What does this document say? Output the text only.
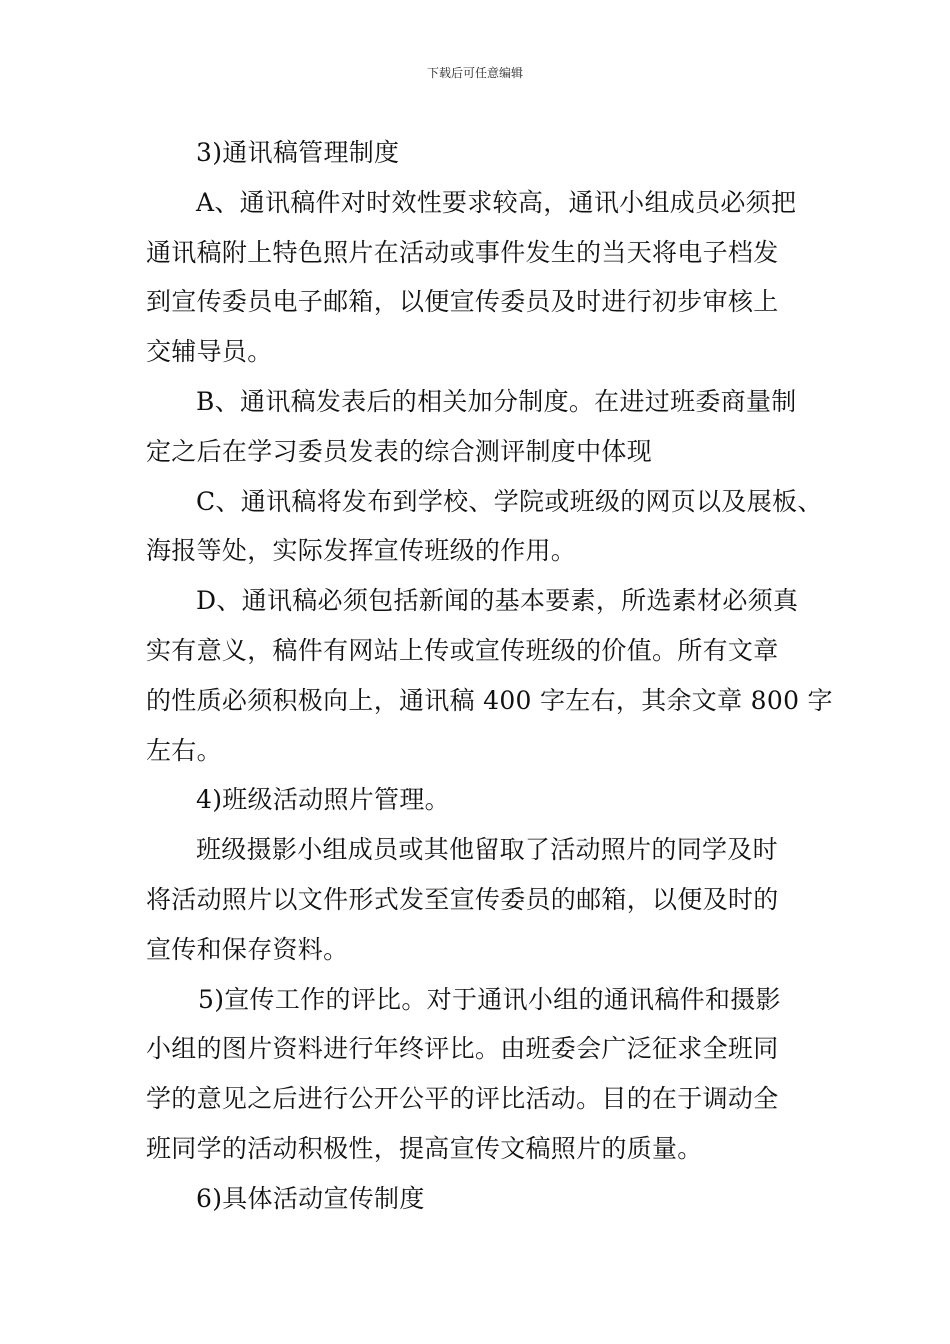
下载后可任意编辑
3)通讯稿管理制度
A、通讯稿件对时效性要求较高，通讯小组成员必须把
通讯稿附上特色照片在活动或事件发生的当天将电子档发
到宣传委员电子邮箱，以便宣传委员及时进行初步审核上
交辅导员。
B、通讯稿发表后的相关加分制度。在进过班委商量制
定之后在学习委员发表的综合测评制度中体现
C、通讯稿将发布到学校、学院或班级的网页以及展板、
海报等处，实际发挥宣传班级的作用。
D、通讯稿必须包括新闻的基本要素，所选素材必须真
实有意义，稿件有网站上传或宣传班级的价值。所有文章
的性质必须积极向上，通讯稿 400 字左右，其余文章 800 字
左右。
4)班级活动照片管理。
班级摄影小组成员或其他留取了活动照片的同学及时
将活动照片以文件形式发至宣传委员的邮箱，以便及时的
宣传和保存资料。
5)宣传工作的评比。对于通讯小组的通讯稿件和摄影
小组的图片资料进行年终评比。由班委会广泛征求全班同
学的意见之后进行公开公平的评比活动。目的在于调动全
班同学的活动积极性，提高宣传文稿照片的质量。
6)具体活动宣传制度
